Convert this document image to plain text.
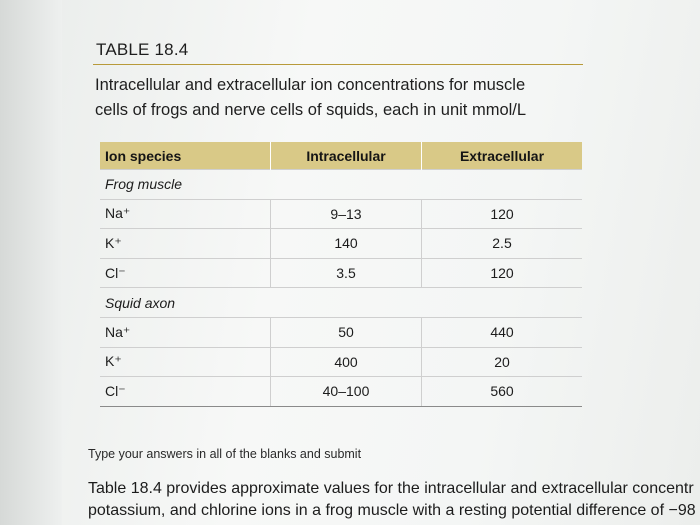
TABLE 18.4
Intracellular and extracellular ion concentrations for muscle
cells of frogs and nerve cells of squids, each in unit mmol/L
Ion species	Intracellular	Extracellular
Frog muscle		
Na⁺	9–13	120
K⁺	140	2.5
Cl⁻	3.5	120
Squid axon		
Na⁺	50	440
K⁺	400	20
Cl⁻	40–100	560
Type your answers in all of the blanks and submit
Table 18.4 provides approximate values for the intracellular and extracellular concentr
potassium, and chlorine ions in a frog muscle with a resting potential difference of −98
